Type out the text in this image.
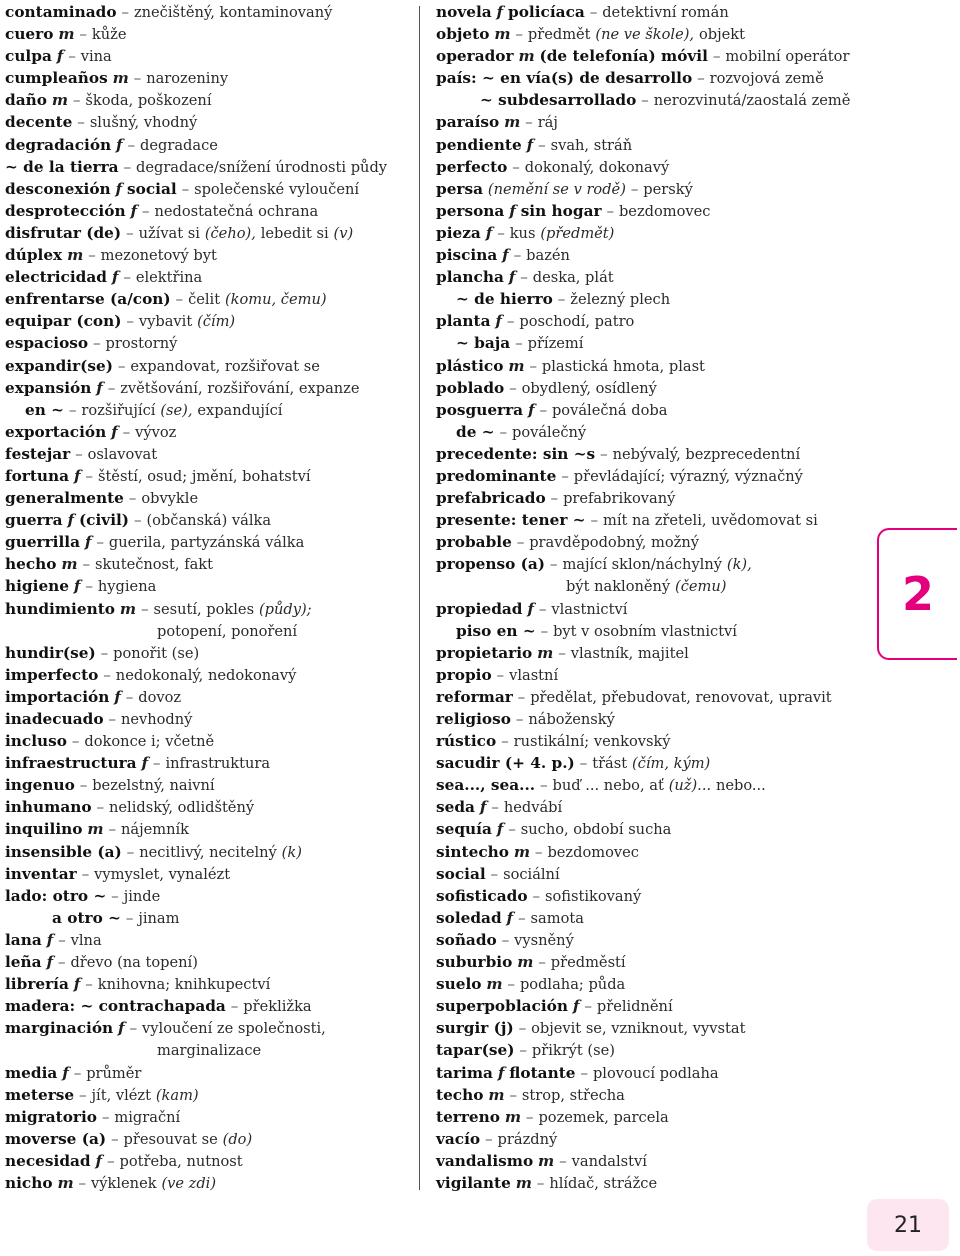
contaminado – znečištěný, kontaminovaný
cuero m – kůže
culpa f – vina
cumpleaños m – narozeniny
daño m – škoda, poškození
decente – slušný, vhodný
degradación f – degradace
~ de la tierra – degradace/snížení úrodnosti půdy
desconexión f social – společenské vyloučení
desprotección f – nedostatečná ochrana
disfrutar (de) – užívat si (čeho), lebedit si (v)
dúplex m – mezonetový byt
electricidad f – elektřina
enfrentarse (a/con) – čelit (komu, čemu)
equipar (con) – vybavit (čím)
espacioso – prostorný
expandir(se) – expandovat, rozšiřovat se
expansión f – zvětšování, rozšiřování, expanze
en ~ – rozšiřující (se), expandující
exportación f – vývoz
festejar – oslavovat
fortuna f – štěstí, osud; jmění, bohatství
generalmente – obvykle
guerra f (civil) – (občanská) válka
guerrilla f – guerila, partyzánská válka
hecho m – skutečnost, fakt
higiene f – hygiena
hundimiento m – sesutí, pokles (půdy);
potopení, ponoření
hundir(se) – ponořit (se)
imperfecto – nedokonalý, nedokonavý
importación f – dovoz
inadecuado – nevhodný
incluso – dokonce i; včetně
infraestructura f – infrastruktura
ingenuo – bezelstný, naivní
inhumano – nelidský, odlidštěný
inquilino m – nájemník
insensible (a) – necitlivý, necitelný (k)
inventar – vymyslet, vynalézt
lado: otro ~ – jinde
a otro ~ – jinam
lana f – vlna
leña f – dřevo (na topení)
librería f – knihovna; knihkupectví
madera: ~ contrachapada – překližka
marginación f – vyloučení ze společnosti,
marginalizace
media f – průměr
meterse – jít, vlézt (kam)
migratorio – migrační
moverse (a) – přesouvat se (do)
necesidad f – potřeba, nutnost
nicho m – výklenek (ve zdi)
novela f policíaca – detektivní román
objeto m – předmět (ne ve škole), objekt
operador m (de telefonía) móvil – mobilní operátor
país: ~ en vía(s) de desarrollo – rozvojová země
~ subdesarrollado – nerozvinutá/zaostalá země
paraíso m – ráj
pendiente f – svah, stráň
perfecto – dokonalý, dokonavý
persa (nemění se v rodě) – perský
persona f sin hogar – bezdomovec
pieza f – kus (předmět)
piscina f – bazén
plancha f – deska, plát
~ de hierro – železný plech
planta f – poschodí, patro
~ baja – přízemí
plástico m – plastická hmota, plast
poblado – obydlený, osídlený
posguerra f – poválečná doba
de ~ – poválečný
precedente: sin ~s – nebývalý, bezprecedentní
predominante – převládající; výrazný, význačný
prefabricado – prefabrikovaný
presente: tener ~ – mít na zřeteli, uvědomovat si
probable – pravděpodobný, možný
propenso (a) – mající sklon/náchylný (k),
být nakloněný (čemu)
propiedad f – vlastnictví
piso en ~ – byt v osobním vlastnictví
propietario m – vlastník, majitel
propio – vlastní
reformar – předělat, přebudovat, renovovat, upravit
religioso – náboženský
rústico – rustikální; venkovský
sacudir (+ 4. p.) – třást (čím, kým)
sea..., sea... – buď ... nebo, ať (už)... nebo...
seda f – hedvábí
sequía f – sucho, období sucha
sintecho m – bezdomovec
social – sociální
sofisticado – sofistikovaný
soledad f – samota
soñado – vysněný
suburbio m – předměstí
suelo m – podlaha; půda
superpoblación f – přelidnění
surgir (j) – objevit se, vzniknout, vyvstat
tapar(se) – přikrýt (se)
tarima f flotante – plovoucí podlaha
techo m – strop, střecha
terreno m – pozemek, parcela
vacío – prázdný
vandalismo m – vandalství
vigilante m – hlídač, strážce
2
21
